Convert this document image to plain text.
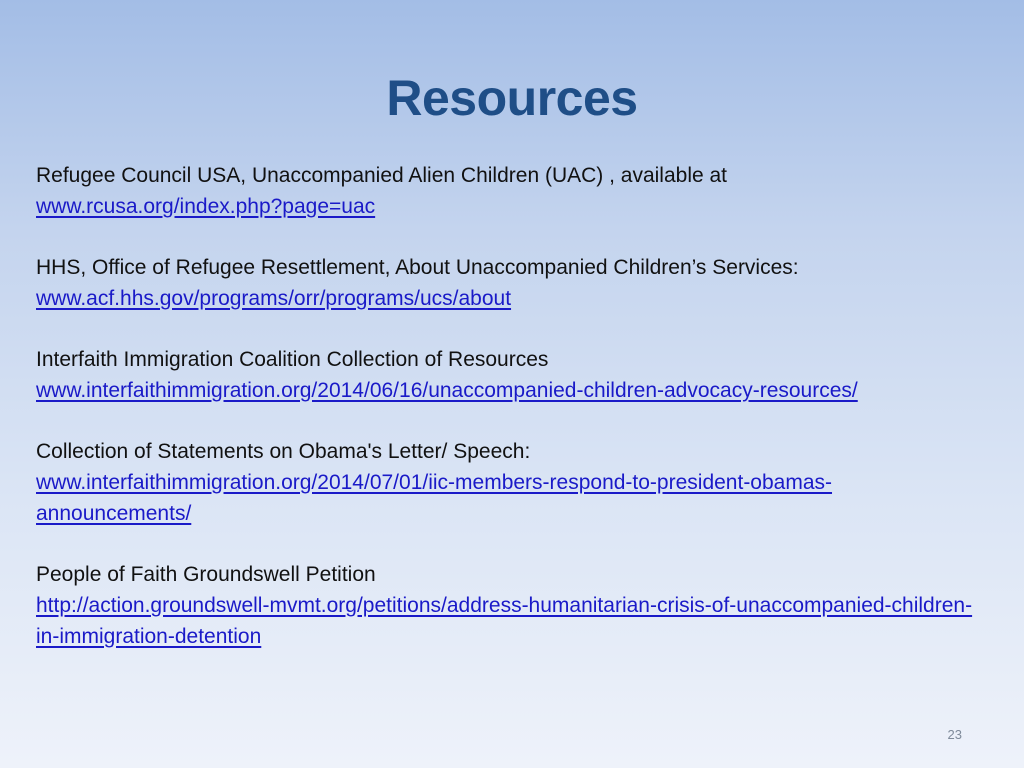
Resources
Refugee Council USA, Unaccompanied Alien Children (UAC) , available at
www.rcusa.org/index.php?page=uac
HHS, Office of Refugee Resettlement, About Unaccompanied Children’s Services:
www.acf.hhs.gov/programs/orr/programs/ucs/about
Interfaith Immigration Coalition Collection of Resources
www.interfaithimmigration.org/2014/06/16/unaccompanied-children-advocacy-resources/
Collection of Statements on Obama's Letter/ Speech:
www.interfaithimmigration.org/2014/07/01/iic-members-respond-to-president-obamas-announcements/
People of Faith Groundswell Petition
http://action.groundswell-mvmt.org/petitions/address-humanitarian-crisis-of-unaccompanied-children-in-immigration-detention
23
